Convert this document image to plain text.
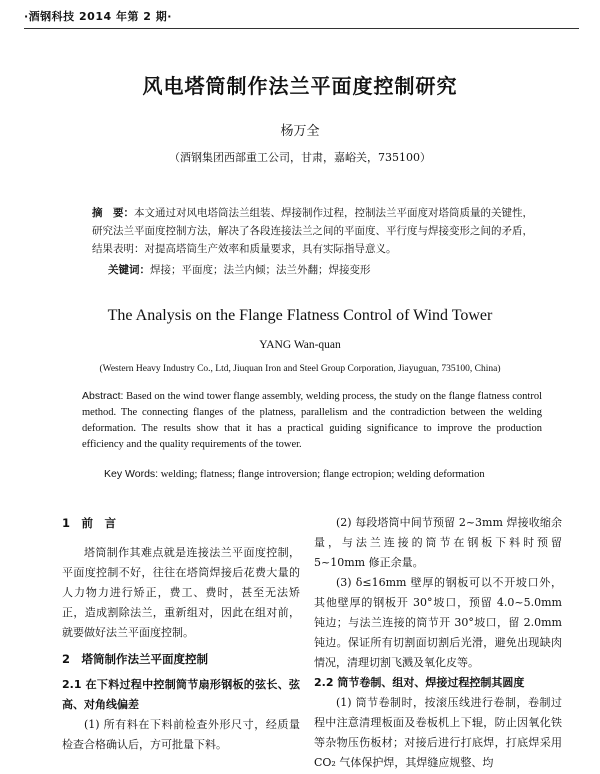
·酒钢科技 2014 年第 2 期·
风电塔筒制作法兰平面度控制研究
杨万全
（酒钢集团西部重工公司，甘肃，嘉峪关，735100）
摘　要：本文通过对风电塔筒法兰组装、焊接制作过程，控制法兰平面度对塔筒质量的关键性，研究法兰平面度控制方法，解决了各段连接法兰之间的平面度、平行度与焊接变形之间的矛盾，结果表明：对提高塔筒生产效率和质量要求，具有实际指导意义。
关键词：焊接；平面度；法兰内倾；法兰外翻；焊接变形
The Analysis on the Flange Flatness Control of Wind Tower
YANG Wan-quan
(Western Heavy Industry Co., Ltd, Jiuquan Iron and Steel Group Corporation, Jiayuguan, 735100, China)
Abstract: Based on the wind tower flange assembly, welding process, the study on the flange flatness control method. The connecting flanges of the platness, parallelism and the contradiction between the welding deformation. The results show that it has a practical guiding significance to improve the production efficiency and the quality requirements of the tower.
Key Words: welding; flatness; flange introversion; flange ectropion; welding deformation
1　前　言

塔筒制作其难点就是连接法兰平面度控制，平面度控制不好，往往在塔筒焊接后花费大量的人力物力进行矫正，费工、费时，甚至无法矫正，造成割除法兰，重新组对，因此在组对前，就要做好法兰平面度控制。

2　塔筒制作法兰平面度控制
2.1 在下料过程中控制筒节扇形钢板的弦长、弦高、对角线偏差

(1) 所有料在下料前检查外形尺寸，经质量检查合格确认后，方可批量下料。

(2) 每段塔筒中间节预留 2~3mm 焊接收缩余量，与法兰连接的筒节在钢板下料时预留 5~10mm 修正余量。

(3) δ≤16mm 壁厚的钢板可以不开坡口外，其他壁厚的钢板开 30°坡口，预留 4.0~5.0mm 钝边；与法兰连接的筒节开 30°坡口，留 2.0mm 钝边。保证所有切割面切割后光滑，避免出现缺肉情况，清理切割飞溅及氧化皮等。

2.2 筒节卷制、组对、焊接过程控制其圆度

(1) 筒节卷制时，按滚压线进行卷制，卷制过程中注意清理板面及卷板机上下辊，防止因氧化铁等杂物压伤板材；对接后进行打底焊，打底焊采用 CO₂ 气体保护焊，其焊缝应规整、均
